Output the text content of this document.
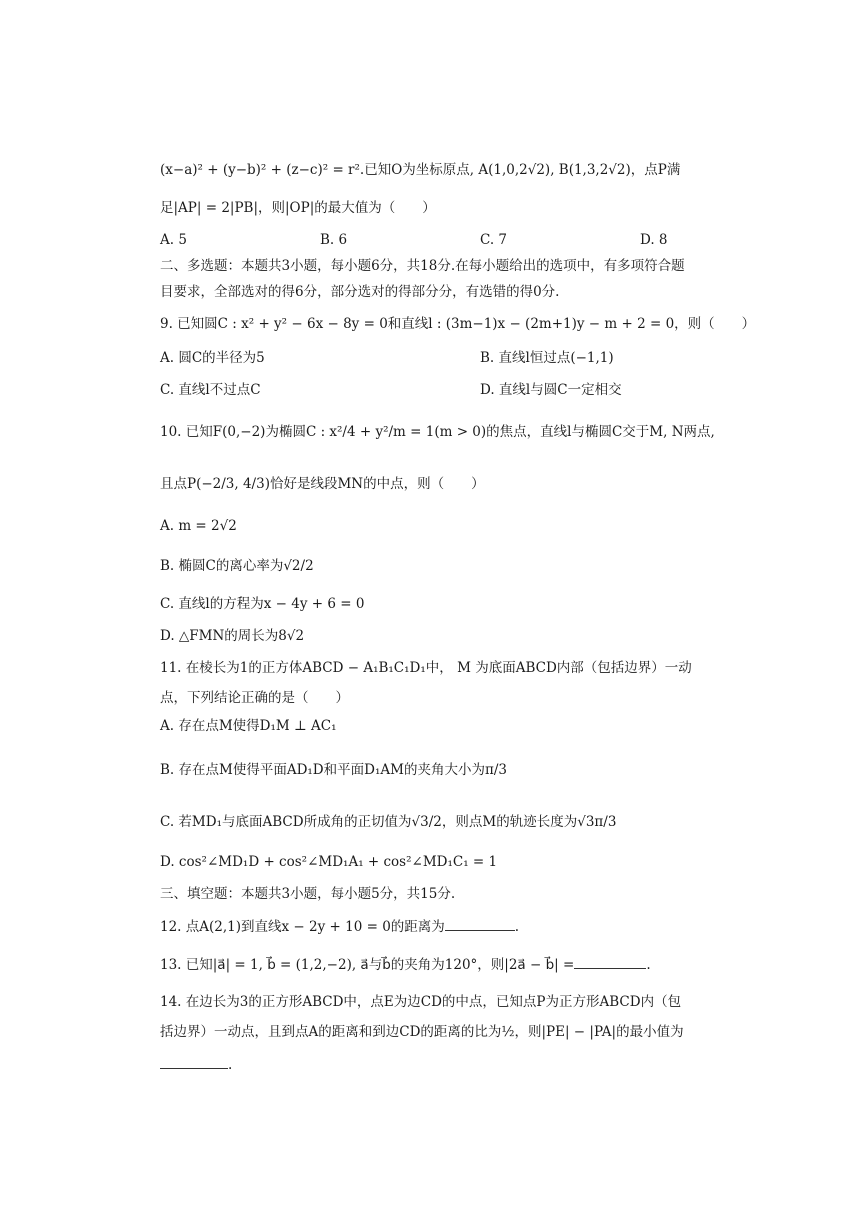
(x−a)² + (y−b)² + (z−c)² = r².已知O为坐标原点, A(1,0,2√2), B(1,3,2√2)，点P满
足|AP| = 2|PB|，则|OP|的最大值为（　　）
A. 5	B. 6	C. 7	D. 8
二、多选题：本题共3小题，每小题6分，共18分.在每小题给出的选项中，有多项符合题
目要求，全部选对的得6分，部分选对的得部分分，有选错的得0分.
9. 已知圆C : x² + y² − 6x − 8y = 0和直线l : (3m−1)x − (2m+1)y − m + 2 = 0，则（　　）
A. 圆C的半径为5	B. 直线l恒过点(−1,1)
C. 直线l不过点C	D. 直线l与圆C一定相交
10. 已知F(0,−2)为椭圆C : x²/4 + y²/m = 1(m > 0)的焦点，直线l与椭圆C交于M, N两点,
且点P(−2/3, 4/3)恰好是线段MN的中点，则（　　）
A. m = 2√2
B. 椭圆C的离心率为√2/2
C. 直线l的方程为x − 4y + 6 = 0
D. △FMN的周长为8√2
11. 在棱长为1的正方体ABCD − A₁B₁C₁D₁中， M 为底面ABCD内部（包括边界）一动
点，下列结论正确的是（　　）
A. 存在点M使得D₁M ⊥ AC₁
B. 存在点M使得平面AD₁D和平面D₁AM的夹角大小为π/3
C. 若MD₁与底面ABCD所成角的正切值为√3/2，则点M的轨迹长度为√3π/3
D. cos²∠MD₁D + cos²∠MD₁A₁ + cos²∠MD₁C₁ = 1
三、填空题：本题共3小题，每小题5分，共15分.
12. 点A(2,1)到直线x − 2y + 10 = 0的距离为	.
13. 已知|a⃗| = 1, b⃗ = (1,2,−2), a⃗与b⃗的夹角为120°，则|2a⃗ − b⃗| =	.
14. 在边长为3的正方形ABCD中，点E为边CD的中点，已知点P为正方形ABCD内（包
括边界）一动点，且到点A的距离和到边CD的距离的比为½，则|PE| − |PA|的最小值为
.
